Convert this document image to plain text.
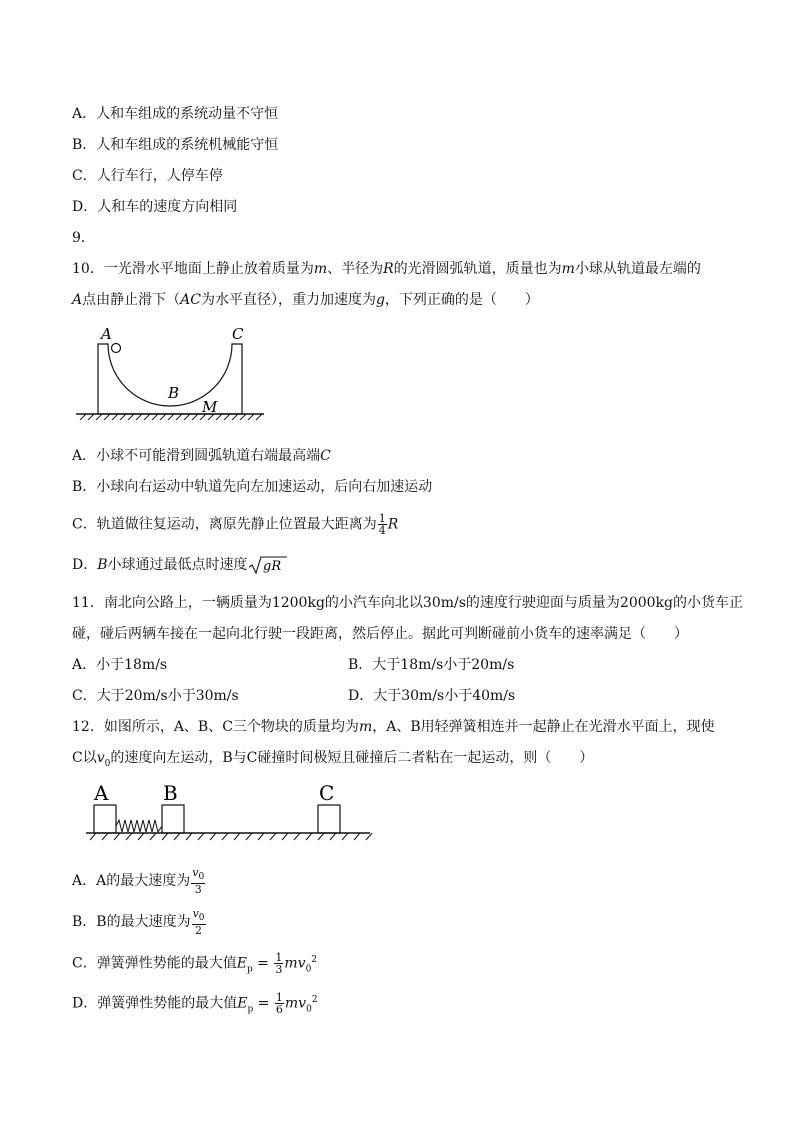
A．人和车组成的系统动量不守恒
B．人和车组成的系统机械能守恒
C．人行车行，人停车停
D．人和车的速度方向相同
9．
10．一光滑水平地面上静止放着质量为m、半径为R的光滑圆弧轨道，质量也为m小球从轨道最左端的
A点由静止滑下（AC为水平直径），重力加速度为g，下列正确的是（　　）
A	C
B
M
A．小球不可能滑到圆弧轨道右端最高端C
B．小球向右运动中轨道先向左加速运动，后向右加速运动
C．轨道做往复运动，离原先静止位置最大距离为 $\frac{1}{4}$ R
D．B小球通过最低点时速度 gR
11．南北向公路上，一辆质量为1200kg的小汽车向北以30m/s的速度行驶迎面与质量为2000kg的小货车正
碰，碰后两辆车接在一起向北行驶一段距离，然后停止。据此可判断碰前小货车的速率满足（　　）
A．小于18m/s	B．大于18m/s小于20m/s
C．大于20m/s小于30m/s	D．大于30m/s小于40m/s
12．如图所示，A、B、C三个物块的质量均为m，A、B用轻弹簧相连并一起静止在光滑水平面上，现使
C以$v_0$的速度向左运动，B与C碰撞时间极短且碰撞后二者粘在一起运动，则（　　）
A	B	C
A．A的最大速度为 $\frac{v_0}{3}$
B．B的最大速度为 $\frac{v_0}{2}$
C．弹簧弹性势能的最大值$E_p = \frac{1}{3} mv_0^2$
D．弹簧弹性势能的最大值$E_p = \frac{1}{6} mv_0^2$
